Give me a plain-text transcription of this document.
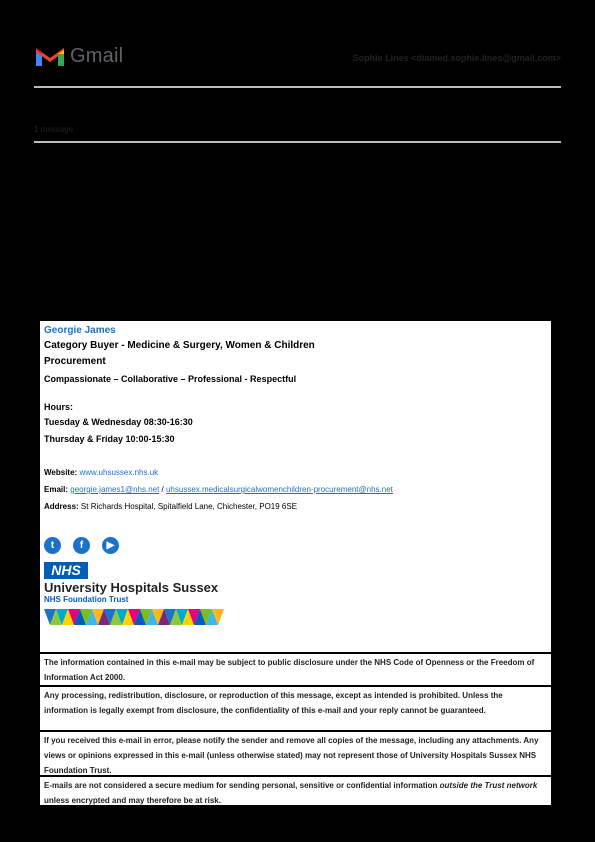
Gmail	Sophie Lines <diamed.sophie.lines@gmail.com>
1 message
Georgie James
Category Buyer - Medicine & Surgery, Women & Children
Procurement
Compassionate – Collaborative – Professional - Respectful
Hours:
Tuesday & Wednesday 08:30-16:30
Thursday & Friday 10:00-15:30
Website: www.uhsussex.nhs.uk
Email: georgie.james1@nhs.net / uhsussex.medicalsurgicalwomenchildren-procurement@nhs.net
Address: St Richards Hospital, Spitalfield Lane, Chichester, PO19 6SE
t	f	▶
NHS
University Hospitals Sussex
NHS Foundation Trust
The information contained in this e-mail may be subject to public disclosure under the NHS Code of Openness or the Freedom of Information Act 2000.
Any processing, redistribution, disclosure, or reproduction of this message, except as intended is prohibited. Unless the information is legally exempt from disclosure, the confidentiality of this e-mail and your reply cannot be guaranteed.
If you received this e-mail in error, please notify the sender and remove all copies of the message, including any attachments. Any views or opinions expressed in this e-mail (unless otherwise stated) may not represent those of University Hospitals Sussex NHS Foundation Trust.
E-mails are not considered a secure medium for sending personal, sensitive or confidential information outside the Trust network unless encrypted and may therefore be at risk.
